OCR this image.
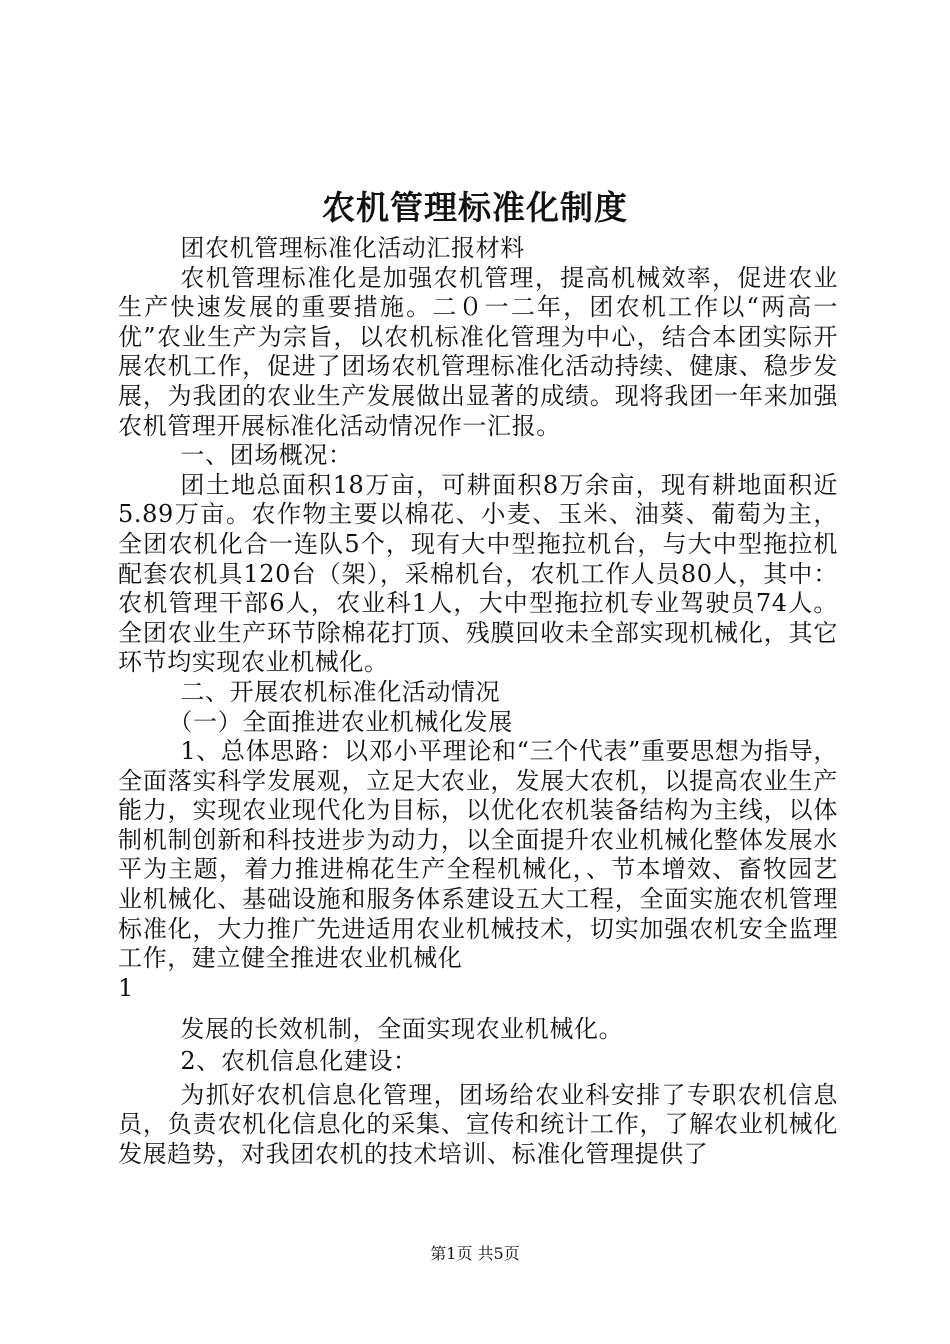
农机管理标准化制度

团农机管理标准化活动汇报材料

农机管理标准化是加强农机管理，提高机械效率，促进农业生产快速发展的重要措施。二０一二年，团农机工作以“两高一优”农业生产为宗旨，以农机标准化管理为中心，结合本团实际开展农机工作，促进了团场农机管理标准化活动持续、健康、稳步发展，为我团的农业生产发展做出显著的成绩。现将我团一年来加强农机管理开展标准化活动情况作一汇报。

一、团场概况：

团土地总面积18万亩，可耕面积8万余亩，现有耕地面积近5.89万亩。农作物主要以棉花、小麦、玉米、油葵、葡萄为主，全团农机化合一连队5个，现有大中型拖拉机台，与大中型拖拉机配套农机具120台（架），采棉机台，农机工作人员80人，其中：农机管理干部6人，农业科1人，大中型拖拉机专业驾驶员74人。全团农业生产环节除棉花打顶、残膜回收未全部实现机械化，其它环节均实现农业机械化。

二、开展农机标准化活动情况

（一）全面推进农业机械化发展

1、总体思路：以邓小平理论和“三个代表”重要思想为指导，全面落实科学发展观，立足大农业，发展大农机，以提高农业生产能力，实现农业现代化为目标，以优化农机装备结构为主线，以体制机制创新和科技进步为动力，以全面提升农业机械化整体发展水平为主题，着力推进棉花生产全程机械化，、节本增效、畜牧园艺业机械化、基础设施和服务体系建设五大工程，全面实施农机管理标准化，大力推广先进适用农业机械技术，切实加强农机安全监理工作，建立健全推进农业机械化

1

发展的长效机制，全面实现农业机械化。

2、农机信息化建设：

为抓好农机信息化管理，团场给农业科安排了专职农机信息员，负责农机化信息化的采集、宣传和统计工作，了解农业机械化发展趋势，对我团农机的技术培训、标准化管理提供了

第1页 共5页
